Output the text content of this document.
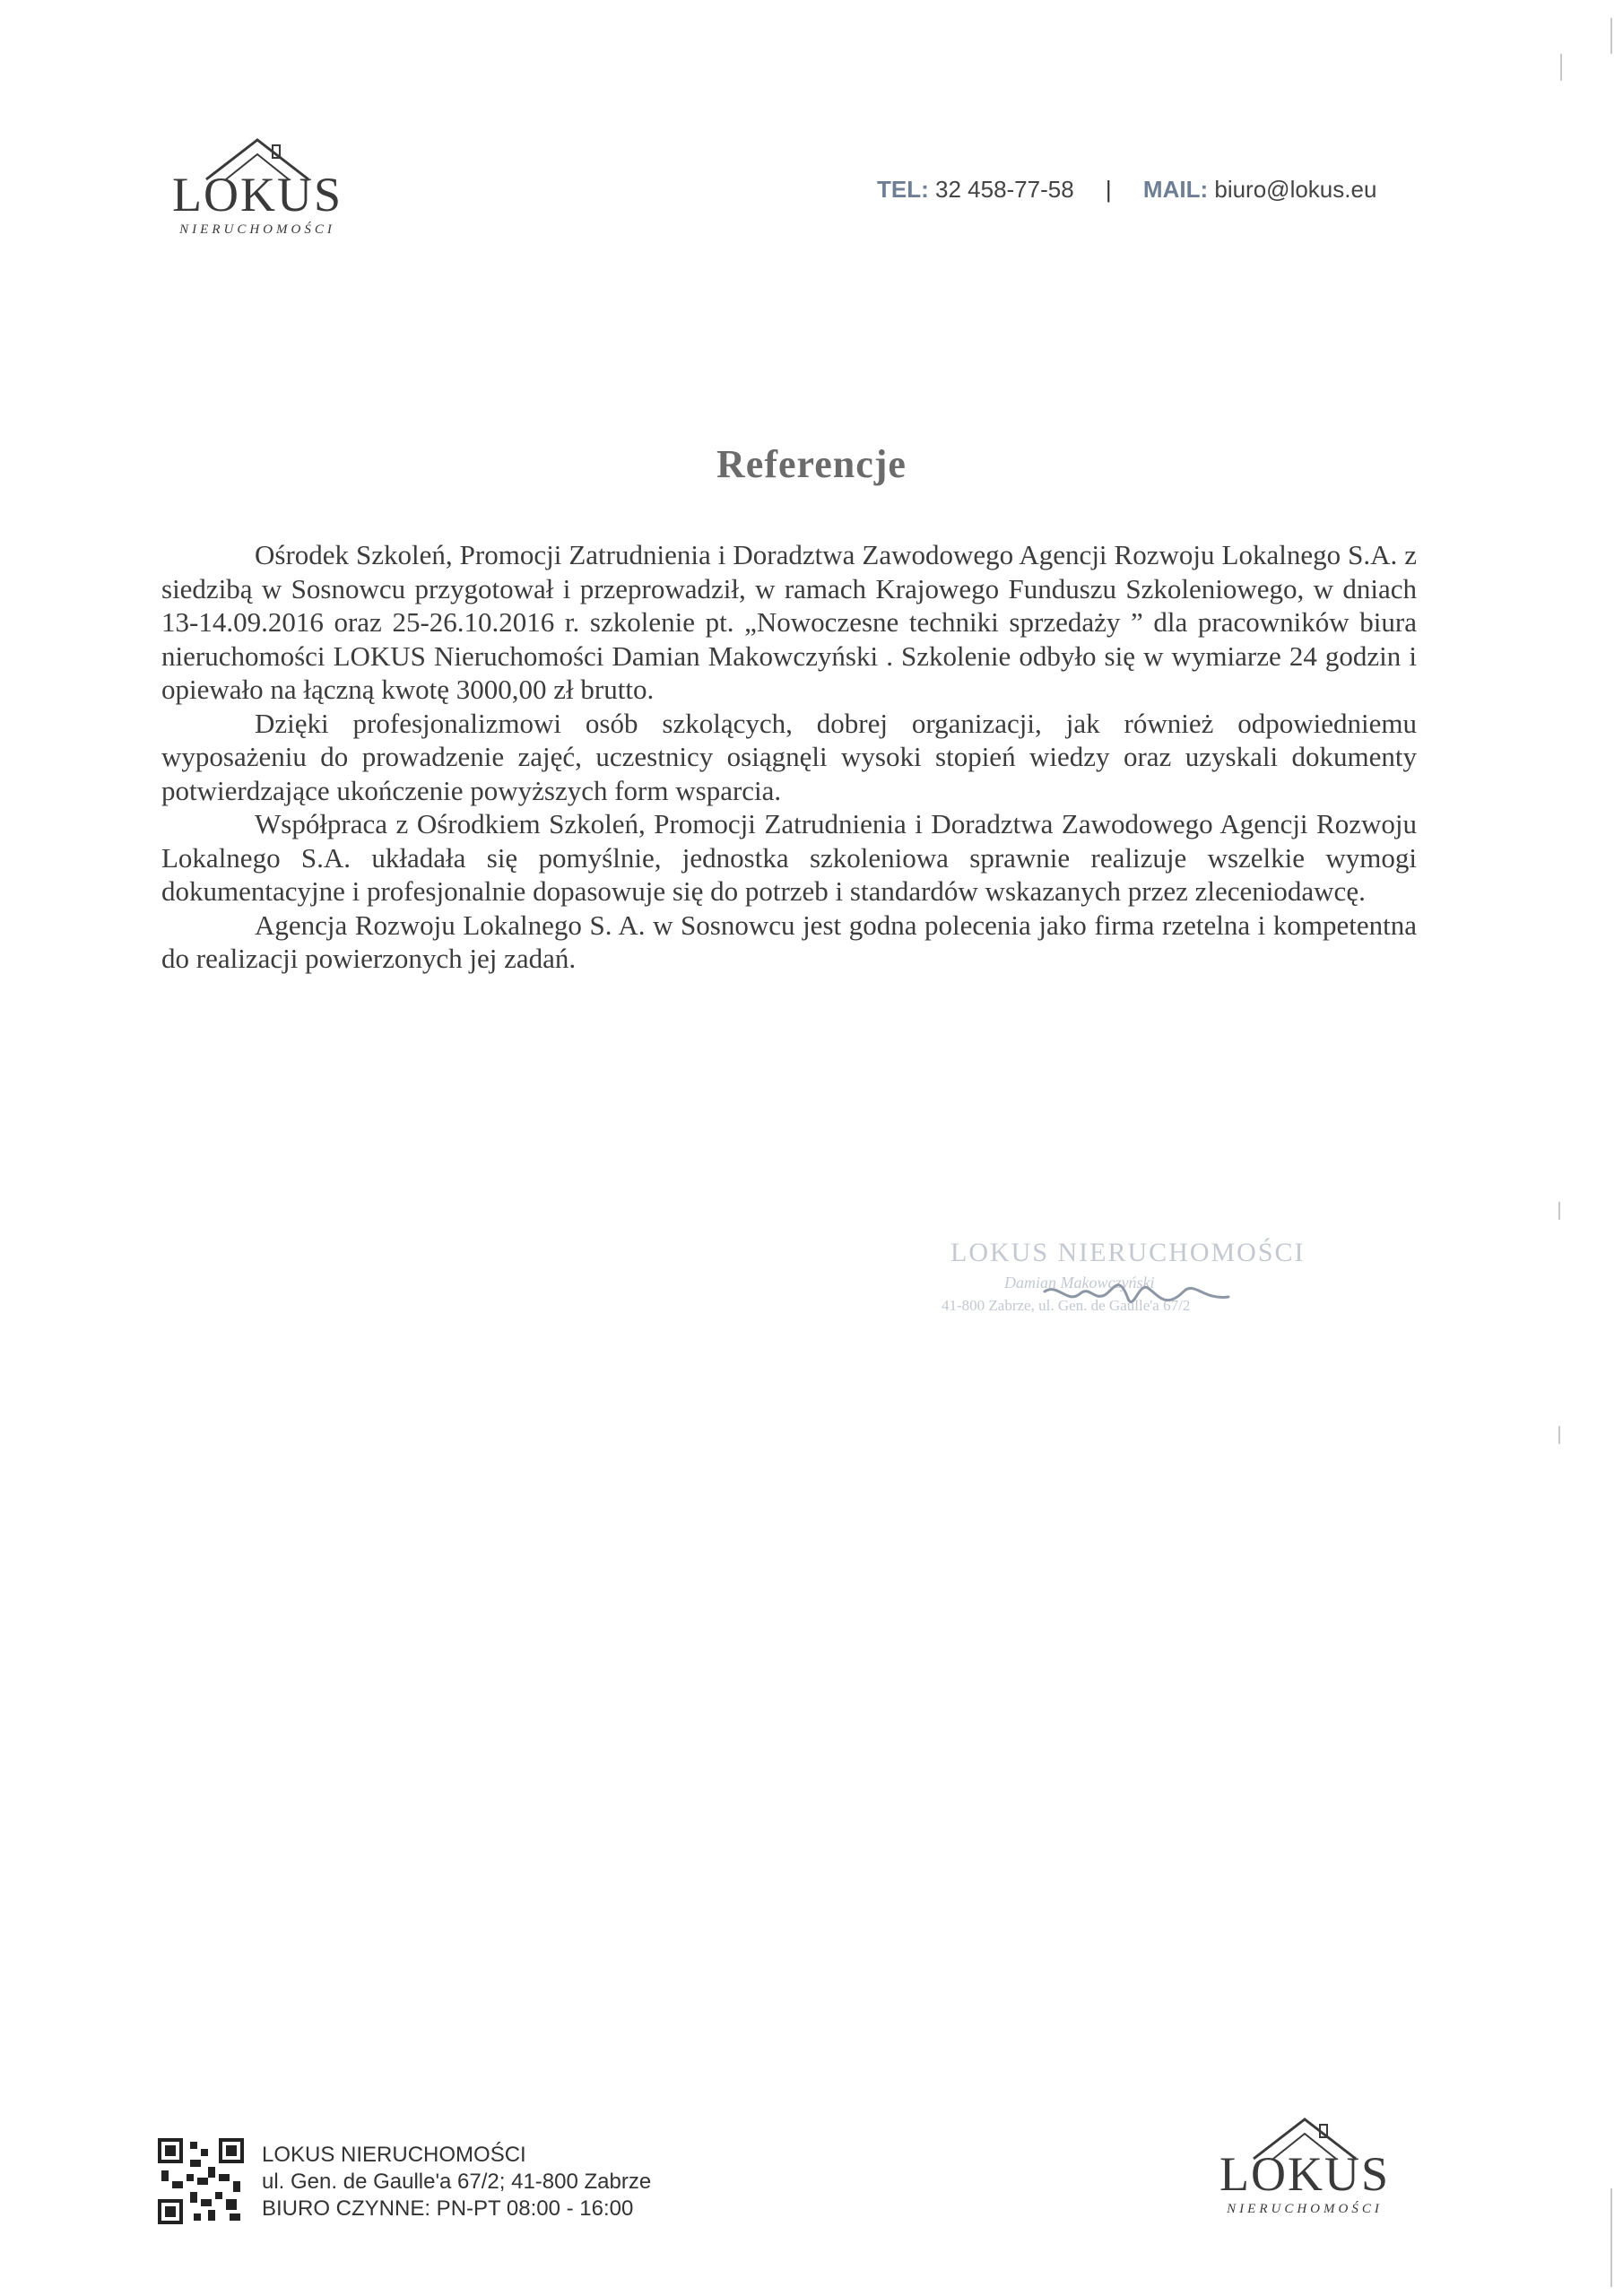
LOKUS
NIERUCHOMOŚCI
TEL: 32 458-77-58 | MAIL: biuro@lokus.eu
Referencje

Ośrodek Szkoleń, Promocji Zatrudnienia i Doradztwa Zawodowego Agencji Rozwoju Lokalnego S.A. z siedzibą w Sosnowcu przygotował i przeprowadził, w ramach Krajowego Funduszu Szkoleniowego, w dniach 13-14.09.2016 oraz 25-26.10.2016 r. szkolenie pt. „Nowoczesne techniki sprzedaży ” dla pracowników biura nieruchomości LOKUS Nieruchomości Damian Makowczyński . Szkolenie odbyło się w wymiarze 24 godzin i opiewało na łączną kwotę 3000,00 zł brutto.

Dzięki profesjonalizmowi osób szkolących, dobrej organizacji, jak również odpowiedniemu wyposażeniu do prowadzenie zajęć, uczestnicy osiągnęli wysoki stopień wiedzy oraz uzyskali dokumenty potwierdzające ukończenie powyższych form wsparcia.

Współpraca z Ośrodkiem Szkoleń, Promocji Zatrudnienia i Doradztwa Zawodowego Agencji Rozwoju Lokalnego S.A. układała się pomyślnie, jednostka szkoleniowa sprawnie realizuje wszelkie wymogi dokumentacyjne i profesjonalnie dopasowuje się do potrzeb i standardów wskazanych przez zleceniodawcę.

Agencja Rozwoju Lokalnego S. A. w Sosnowcu jest godna polecenia jako firma rzetelna i kompetentna do realizacji powierzonych jej zadań.

LOKUS NIERUCHOMOŚCI
Damian Makowczyński
41-800 Zabrze, ul. Gen. de Gaulle'a 67/2
LOKUS NIERUCHOMOŚCI
ul. Gen. de Gaulle'a 67/2; 41-800 Zabrze
BIURO CZYNNE: PN-PT 08:00 - 16:00
LOKUS
NIERUCHOMOŚCI
